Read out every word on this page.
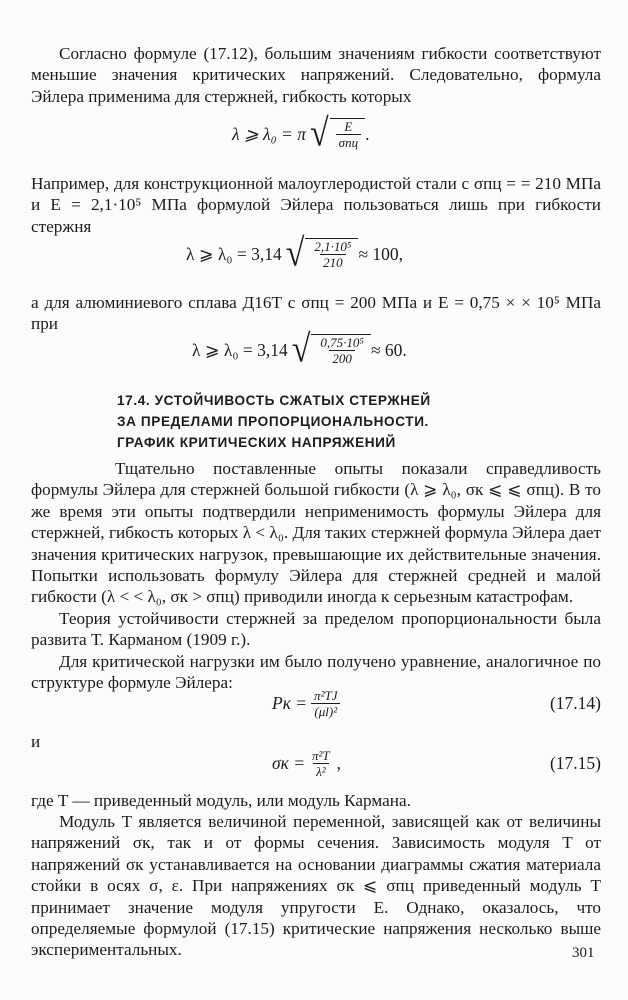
Согласно формуле (17.12), большим значениям гибкости соответствуют меньшие значения критических напряжений. Следовательно, формула Эйлера применима для стержней, гибкость которых

λ ⩾ λ₀ = π √ $\frac{E}{\text{σпц}}$ .

Например, для конструкционной малоуглеродистой стали с σпц = = 210 МПа и E = 2,1·10⁵ МПа формулой Эйлера пользоваться лишь при гибкости стержня

λ ⩾ λ₀ = 3,14 √ $\frac{\text{2,1·10⁵}}{210} \approx 100$,

а для алюминиевого сплава Д16Т с σпц = 200 МПа и E = 0,75 × × 10⁵ МПа при

λ ⩾ λ₀ = 3,14 √ $\frac{\text{0,75·10⁵}}{200} \approx 60$.
17.4. УСТОЙЧИВОСТЬ СЖАТЫХ СТЕРЖНЕЙ
ЗА ПРЕДЕЛАМИ ПРОПОРЦИОНАЛЬНОСТИ.
ГРАФИК КРИТИЧЕСКИХ НАПРЯЖЕНИЙ

Тщательно поставленные опыты показали справедливость формулы Эйлера для стержней большой гибкости (λ ⩾ λ₀, σк ⩽ ⩽ σпц). В то же время эти опыты подтвердили неприменимость формулы Эйлера для стержней, гибкость которых λ < λ₀. Для таких стержней формула Эйлера дает значения критических нагрузок, превышающие их действительные значения. Попытки использовать формулу Эйлера для стержней средней и малой гибкости (λ < < λ₀, σк > σпц) приводили иногда к серьезным катастрофам.

Теория устойчивости стержней за пределом пропорциональности была развита Т. Карманом (1909 г.).

Для критической нагрузки им было получено уравнение, аналогичное по структуре формуле Эйлера:

Pк = $\frac{\text{π²TJ}}{\text{(μl)²}}$	(17.14)

и

$\sigma к = \frac{\text{π²T}}{\text{λ²}}$ ,	(17.15)

где T — приведенный модуль, или модуль Кармана.

Модуль T является величиной переменной, зависящей как от величины напряжений σк, так и от формы сечения. Зависимость модуля T от напряжений σк устанавливается на основании диаграммы сжатия материала стойки в осях σ, ε. При напряжениях σк ⩽ σпц приведенный модуль T принимает значение модуля упругости E. Однако, оказалось, что определяемые формулой (17.15) критические напряжения несколько выше экспериментальных.	301
